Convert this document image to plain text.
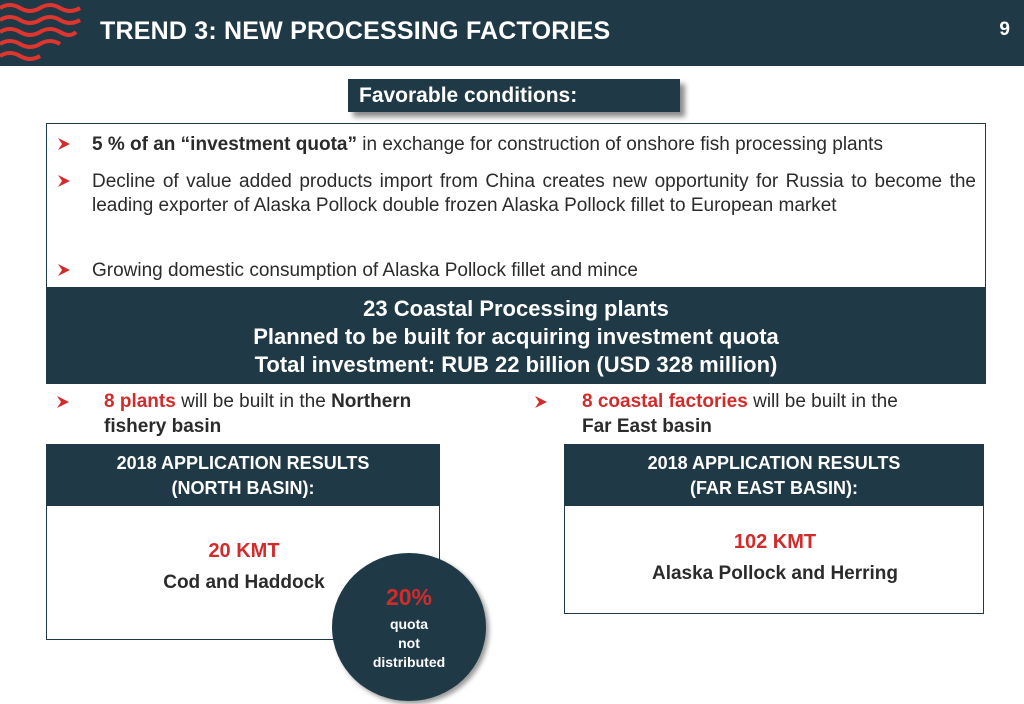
TREND 3: NEW PROCESSING FACTORIES	9
Favorable conditions:
5 % of an “investment quota” in exchange for construction of onshore fish processing plants
Decline of value added products import from China creates new opportunity for Russia to become the leading exporter of Alaska Pollock double frozen Alaska Pollock fillet to European market
Growing domestic consumption of Alaska Pollock fillet and mince
23 Coastal Processing plants
Planned to be built for acquiring investment quota
Total investment: RUB 22 billion (USD 328 million)
8 plants will be built in the Northern
fishery basin
8 coastal factories will be built in the
Far East basin
2018 APPLICATION RESULTS
(NORTH BASIN):
20 KMT
Cod and Haddock
2018 APPLICATION RESULTS
(FAR EAST BASIN):
102 KMT
Alaska Pollock and Herring
20%
quota
not
distributed
